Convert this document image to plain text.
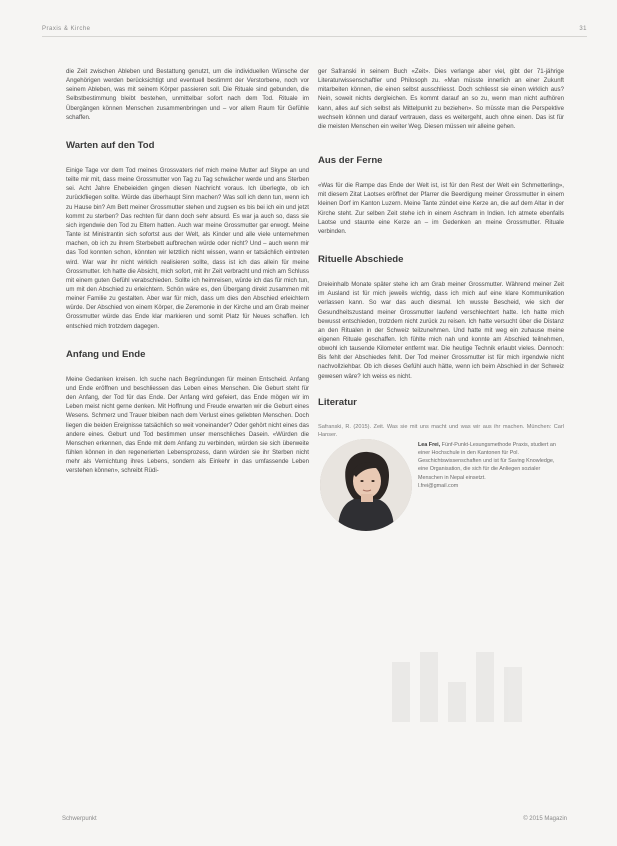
Praxis & Kirche	31

die Zeit zwischen Ableben und Bestattung genutzt, um die individuellen Wünsche der Angehörigen werden berücksichtigt und eventuell bestimmt der Verstorbene, noch vor seinem Ableben, was mit seinem Körper passieren soll. Die Rituale sind gebunden, die Selbstbestimmung bleibt bestehen, unmittelbar sofort nach dem Tod. Rituale im Übergängen können Menschen zusammenbringen und – vor allem Raum für Gefühle schaffen.

Warten auf den Tod

Einige Tage vor dem Tod meines Grossvaters rief mich meine Mutter auf Skype an und teilte mir mit, dass meine Grossmutter von Tag zu Tag schwächer werde und ans Sterben sei. Acht Jahre Ehebeieiden gingen diesen Nachricht voraus. Ich überlegte, ob ich zurückfliegen sollte. Würde das überhaupt Sinn machen? Was soll ich denn tun, wenn ich zu Hause bin? Am Bett meiner Grossmutter stehen und zugsen es bis bei ich ein und jetzt kommt zu sterben? Das rechten für dann doch sehr absurd. Es war ja auch so, dass sie sich irgendwie den Tod zu Eltern hatten. Auch war meine Grossmutter gar erwogt. Meine Tante ist Ministrantin sich sofortst aus der Welt, als Kinder und alle viele unternehmen machen, ob ich zu ihrem Sterbebett aufbrechen würde oder nicht? Und – auch wenn mir das Tod konnten schon, könnten wir letztlich nicht wissen, wann er tatsächlich eintreten wird. War war ihr nicht wirklich realisieren sollte, dass ist ich das allein für meine Grossmutter. Ich hatte die Absicht, mich sofort, mit ihr Zeit verbracht und mich am Schluss mit einem guten Gefühl verabschieden. Sollte ich heimreisen, würde ich das für mich tun, um mit den Abschied zu erleichtern. Schön wäre es, den Übergang direkt zusammen mit meiner Familie zu gestalten. Aber war für mich, dass um dies den Abschied erleichtern würde. Der Abschied von einem Körper, die Zeremonie in der Kirche und am Grab meiner Grossmutter würde das Ende klar markieren und somit Platz für Neues schaffen. Ich entschied mich trotzdem dagegen.

Anfang und Ende

Meine Gedanken kreisen. Ich suche nach Begründungen für meinen Entscheid. Anfang und Ende eröffnen und beschliessen das Leben eines Menschen. Die Geburt steht für den Anfang, der Tod für das Ende. Der Anfang wird gefeiert, das Ende mögen wir im Leben meist nicht gerne denken. Mit Hoffnung und Freude erwarten wir die Geburt eines Wesens. Schmerz und Trauer bleiben nach dem Verlust eines geliebten Menschen. Doch liegen die beiden Ereignisse tatsächlich so weit voneinander? Oder gehört nicht eines das andere eines. Geburt und Tod bestimmen unser menschliches Dasein. «Würden die Menschen erkennen, das Ende mit dem Anfang zu verbinden, würden sie sich überweite fühlen können in den regenerierten Lebensprozess, dann würden sie ihr Sterben nicht mehr als Vernichtung ihres Lebens, sondern als Einkehr in das umfassende Leben verstehen können», schreibt Rüdi-

ger Safranski in seinem Buch «Zeit». Dies verlange aber viel, gibt der 71-jährige Literaturwissenschaftler und Philosoph zu. «Man müsste innerlich an einer Zukunft mitarbeiten können, die einen selbst ausschliesst. Doch schliesst sie einen wirklich aus? Nein, soweit nichts dergleichen. Es kommt darauf an so zu, wenn man nicht aufhören kann, alles auf sich selbst als Mittelpunkt zu beziehen». So müsste man die Perspektive wechseln können und darauf vertrauen, dass es weitergeht, auch ohne einen. Das ist für die meisten Menschen ein weiter Weg. Diesen müssen wir alleine gehen.

Aus der Ferne

«Was für die Rampe das Ende der Welt ist, ist für den Rest der Welt ein Schmetterling», mit diesem Zitat Laotses eröffnet der Pfarrer die Beerdigung meiner Grossmutter in einem kleinen Dorf im Kanton Luzern. Meine Tante zündet eine Kerze an, die auf dem Altar in der Kirche steht. Zur selben Zeit stehe ich in einem Aschram in Indien. Ich atmete ebenfalls Laotse und staunte eine Kerze an – im Gedenken an meine Grossmutter. Rituale verbinden.

Rituelle Abschiede

Dreieinhalb Monate später stehe ich am Grab meiner Grossmutter. Während meiner Zeit im Ausland ist für mich jeweils wichtig, dass ich mich auf eine klare Kommunikation verlassen kann. So war das auch diesmal. Ich wusste Bescheid, wie sich der Gesundheitszustand meiner Grossmutter laufend verschlechtert hatte. Ich hatte mich bewusst entschieden, trotzdem nicht zurück zu reisen. Ich hatte versucht über die Distanz an den Ritualen in der Schweiz teilzunehmen. Und hatte mit weg ein zuhause meine eigenen Rituale geschaffen. Ich fühlte mich nah und konnte am Abschied teilnehmen, obwohl ich tausende Kilometer entfernt war. Die heutige Technik erlaubt vieles. Dennoch: Bis fehlt der Abschiedes fehlt. Der Tod meiner Grossmutter ist für mich irgendwie nicht nachvollziehbar. Ob ich dieses Gefühl auch hätte, wenn ich beim Abschied in der Schweiz gewesen wäre? Ich weiss es nicht.

Literatur

Safranski, R. (2015). Zeit. Was sie mit uns macht und was wir aus ihr machen. München: Carl Hanser.

Lea Frei, Fünf-Punkt-Lesungsmethode Praxis, studiert an einer Hochschule in den Kantonen für Pol. Geschichtswissenschaften und ist für Saving Knowledge, eine Organisation, die sich für die Anliegen sozialer Menschen in Nepal einsetzt.
l.frei@gmail.com
Schwerpunkt	© 2015 Magazin
